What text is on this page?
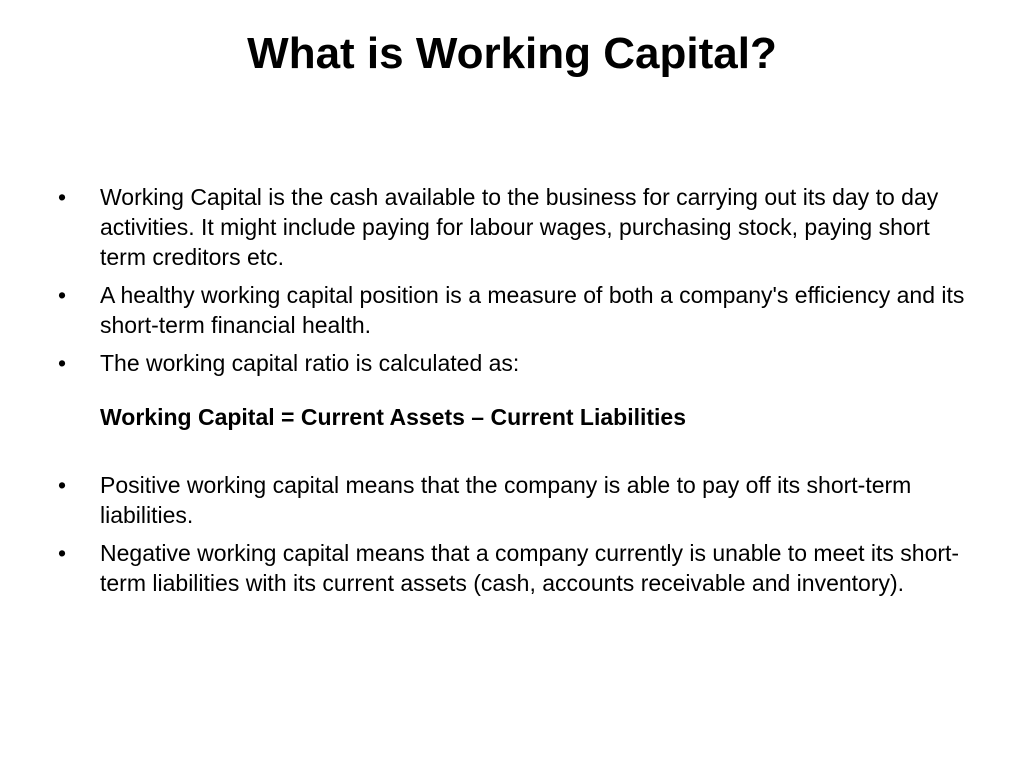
What is Working Capital?
•	Working Capital is the cash available to the business for carrying out its day to day activities. It might include paying for labour wages, purchasing stock, paying short term creditors etc.
•	A healthy working capital position is a measure of both a company's efficiency and its short-term financial health.
•	The working capital ratio is calculated as:
Working Capital = Current Assets – Current Liabilities
•	Positive working capital means that the company is able to pay off its short-term liabilities.
•	Negative working capital means that a company currently is unable to meet its short-term liabilities with its current assets (cash, accounts receivable and inventory).
